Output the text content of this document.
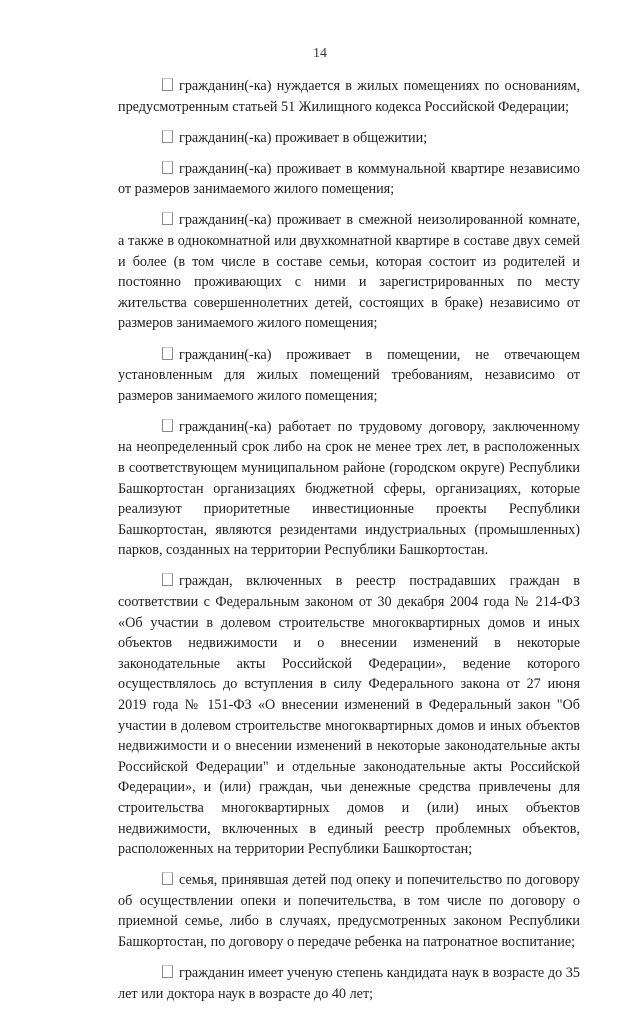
14

гражданин(-ка) нуждается в жилых помещениях по основаниям, предусмотренным статьей 51 Жилищного кодекса Российской Федерации;

гражданин(-ка) проживает в общежитии;

гражданин(-ка) проживает в коммунальной квартире независимо от размеров занимаемого жилого помещения;

гражданин(-ка) проживает в смежной неизолированной комнате, а также в однокомнатной или двухкомнатной квартире в составе двух семей и более (в том числе в составе семьи, которая состоит из родителей и постоянно проживающих с ними и зарегистрированных по месту жительства совершеннолетних детей, состоящих в браке) независимо от размеров занимаемого жилого помещения;

гражданин(-ка) проживает в помещении, не отвечающем установленным для жилых помещений требованиям, независимо от размеров занимаемого жилого помещения;

гражданин(-ка) работает по трудовому договору, заключенному на неопределенный срок либо на срок не менее трех лет, в расположенных в соответствующем муниципальном районе (городском округе) Республики Башкортостан организациях бюджетной сферы, организациях, которые реализуют приоритетные инвестиционные проекты Республики Башкортостан, являются резидентами индустриальных (промышленных) парков, созданных на территории Республики Башкортостан.

граждан, включенных в реестр пострадавших граждан в соответствии с Федеральным законом от 30 декабря 2004 года № 214-ФЗ «Об участии в долевом строительстве многоквартирных домов и иных объектов недвижимости и о внесении изменений в некоторые законодательные акты Российской Федерации», ведение которого осуществлялось до вступления в силу Федерального закона от 27 июня 2019 года № 151-ФЗ «О внесении изменений в Федеральный закон "Об участии в долевом строительстве многоквартирных домов и иных объектов недвижимости и о внесении изменений в некоторые законодательные акты Российской Федерации" и отдельные законодательные акты Российской Федерации», и (или) граждан, чьи денежные средства привлечены для строительства многоквартирных домов и (или) иных объектов недвижимости, включенных в единый реестр проблемных объектов, расположенных на территории Республики Башкортостан;

семья, принявшая детей под опеку и попечительство по договору об осуществлении опеки и попечительства, в том числе по договору о приемной семье, либо в случаях, предусмотренных законом Республики Башкортостан, по договору о передаче ребенка на патронатное воспитание;

гражданин имеет ученую степень кандидата наук в возрасте до 35 лет или доктора наук в возрасте до 40 лет;
